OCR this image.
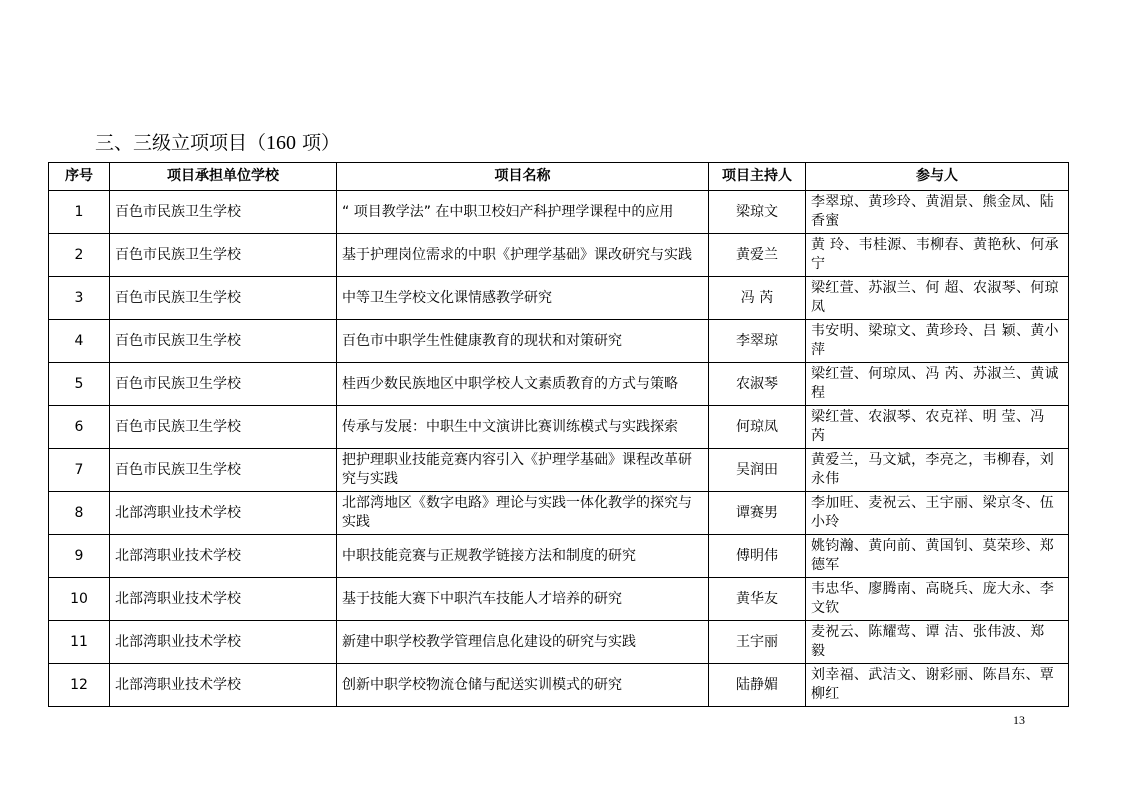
三、三级立项项目（160 项）
序号	项目承担单位学校	项目名称	项目主持人	参与人
1	百色市民族卫生学校	“ 项目教学法” 在中职卫校妇产科护理学课程中的应用	梁琼文	李翠琼、黄珍玲、黄湄景、熊金凤、陆香蜜
2	百色市民族卫生学校	基于护理岗位需求的中职《护理学基础》课改研究与实践	黄爱兰	黄 玲、韦桂源、韦柳春、黄艳秋、何承宁
3	百色市民族卫生学校	中等卫生学校文化课情感教学研究	冯 芮	梁红萱、苏淑兰、何 超、农淑琴、何琼凤
4	百色市民族卫生学校	百色市中职学生性健康教育的现状和对策研究	李翠琼	韦安明、梁琼文、黄珍玲、吕 颖、黄小萍
5	百色市民族卫生学校	桂西少数民族地区中职学校人文素质教育的方式与策略	农淑琴	梁红萱、何琼凤、冯 芮、苏淑兰、黄诚程
6	百色市民族卫生学校	传承与发展：中职生中文演讲比赛训练模式与实践探索	何琼凤	梁红萱、农淑琴、农克祥、明 莹、冯 芮
7	百色市民族卫生学校	把护理职业技能竞赛内容引入《护理学基础》课程改革研究与实践	吴润田	黄爱兰，马文斌，李亮之，韦柳春，刘永伟
8	北部湾职业技术学校	北部湾地区《数字电路》理论与实践一体化教学的探究与实践	谭赛男	李加旺、麦祝云、王宇丽、梁京冬、伍小玲
9	北部湾职业技术学校	中职技能竞赛与正规教学链接方法和制度的研究	傅明伟	姚钧瀚、黄向前、黄国钊、莫荣珍、郑德军
10	北部湾职业技术学校	基于技能大赛下中职汽车技能人才培养的研究	黄华友	韦忠华、廖腾南、高晓兵、庞大永、李文钦
11	北部湾职业技术学校	新建中职学校教学管理信息化建设的研究与实践	王宇丽	麦祝云、陈耀莺、谭 洁、张伟波、郑 毅
12	北部湾职业技术学校	创新中职学校物流仓储与配送实训模式的研究	陆静媚	刘幸福、武洁文、谢彩丽、陈昌东、覃柳红
13
